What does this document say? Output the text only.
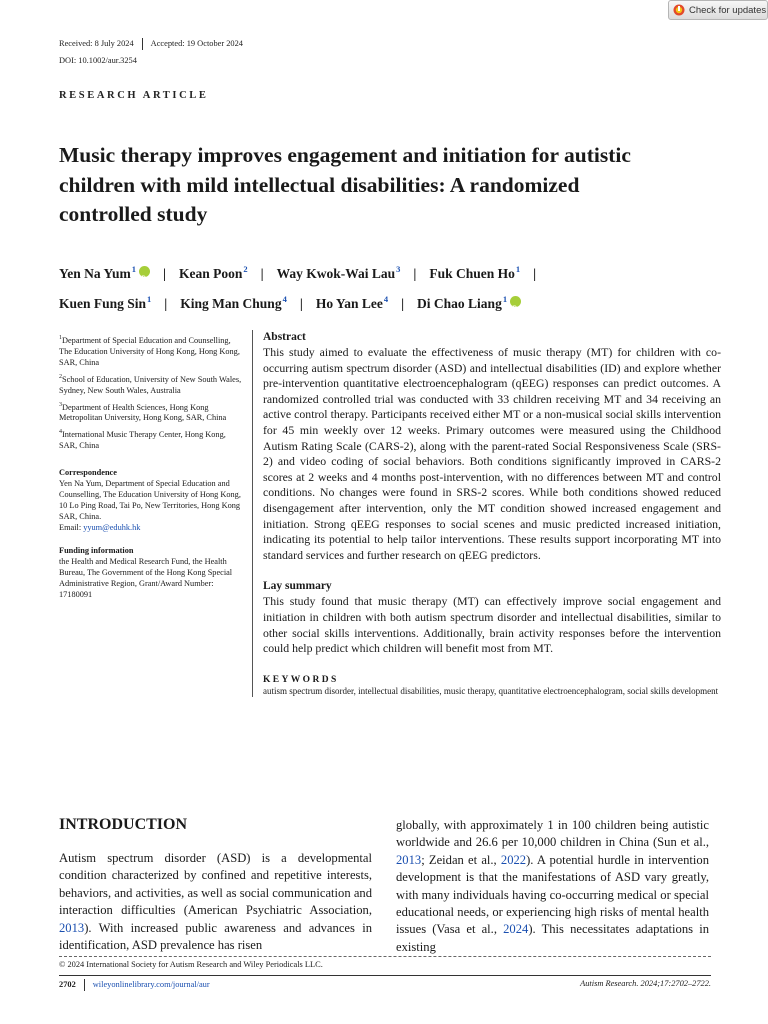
Check for updates
Received: 8 July 2024 Accepted: 19 October 2024
DOI: 10.1002/aur.3254
RESEARCH ARTICLE
Music therapy improves engagement and initiation for autistic
children with mild intellectual disabilities: A randomized
controlled study
Yen Na Yum$^1$iD | Kean Poon$^2$ | Way Kwok-Wai Lau$^3$ | Fuk Chuen Ho$^1$ |
Kuen Fung Sin$^1$ | King Man Chung$^4$ | Ho Yan Lee$^4$ | Di Chao Liang$^1$iD

$^1$Department of Special Education and Counselling, The Education University of Hong Kong, Hong Kong, SAR, China

$^2$School of Education, University of New South Wales, Sydney, New South Wales, Australia

$^3$Department of Health Sciences, Hong Kong Metropolitan University, Hong Kong, SAR, China

$^4$International Music Therapy Center, Hong Kong, SAR, China

Correspondence
Yen Na Yum, Department of Special Education and Counselling, The Education University of Hong Kong, 10 Lo Ping Road, Tai Po, New Territories, Hong Kong SAR, China.
Email: yyum@eduhk.hk
Funding information
the Health and Medical Research Fund, the Health Bureau, The Government of the Hong Kong Special Administrative Region, Grant/Award Number: 17180091
Abstract

This study aimed to evaluate the effectiveness of music therapy (MT) for children with co-occurring autism spectrum disorder (ASD) and intellectual disabilities (ID) and explore whether pre-intervention quantitative electroencephalogram (qEEG) responses can predict outcomes. A randomized controlled trial was conducted with 33 children receiving MT and 34 receiving an active control therapy. Participants received either MT or a non-musical social skills intervention for 45 min weekly over 12 weeks. Primary outcomes were measured using the Childhood Autism Rating Scale (CARS-2), along with the parent-rated Social Responsiveness Scale (SRS-2) and video coding of social behaviors. Both conditions significantly improved in CARS-2 scores at 2 weeks and 4 months post-intervention, with no differences between MT and control conditions. No changes were found in SRS-2 scores. While both conditions showed reduced disengagement after intervention, only the MT condition showed increased engagement and initiation. Strong qEEG responses to social scenes and music predicted increased initiation, indicating its potential to help tailor interventions. These results support incorporating MT into standard services and further research on qEEG predictors.

Lay summary

This study found that music therapy (MT) can effectively improve social engagement and initiation in children with both autism spectrum disorder and intellectual disabilities, similar to other social skills interventions. Additionally, brain activity responses before the intervention could help predict which children will benefit most from MT.

KEYWORDS
autism spectrum disorder, intellectual disabilities, music therapy, quantitative electroencephalogram, social skills development
INTRODUCTION

Autism spectrum disorder (ASD) is a developmental condition characterized by confined and repetitive interests, behaviors, and activities, as well as social communication and interaction difficulties (American Psychiatric Association, 2013). With increased public awareness and advances in identification, ASD prevalence has risen

globally, with approximately 1 in 100 children being autistic worldwide and 26.6 per 10,000 children in China (Sun et al., 2013; Zeidan et al., 2022). A potential hurdle in intervention development is that the manifestations of ASD vary greatly, with many individuals having co-occurring medical or special educational needs, or experiencing high risks of mental health issues (Vasa et al., 2024). This necessitates adaptations in existing

© 2024 International Society for Autism Research and Wiley Periodicals LLC.
2702 wileyonlinelibrary.com/journal/aur	Autism Research. 2024;17:2702–2722.
